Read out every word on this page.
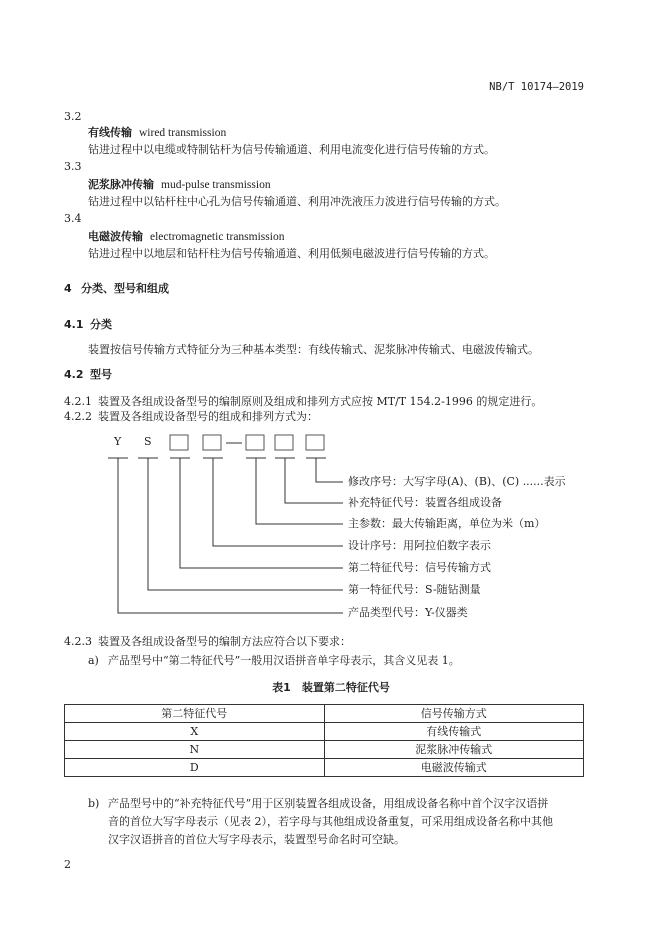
NB/T 10174—2019
3.2
有线传输 wired transmission
钻进过程中以电缆或特制钻杆为信号传输通道、利用电流变化进行信号传输的方式。
3.3
泥浆脉冲传输 mud-pulse transmission
钻进过程中以钻杆柱中心孔为信号传输通道、利用冲洗液压力波进行信号传输的方式。
3.4
电磁波传输 electromagnetic transmission
钻进过程中以地层和钻杆柱为信号传输通道、利用低频电磁波进行信号传输的方式。
4 分类、型号和组成
4.1 分类
装置按信号传输方式特征分为三种基本类型：有线传输式、泥浆脉冲传输式、电磁波传输式。
4.2 型号
4.2.1 装置及各组成设备型号的编制原则及组成和排列方式应按 MT/T 154.2-1996 的规定进行。
4.2.2 装置及各组成设备型号的组成和排列方式为：
Y S
修改序号：大写字母(A)、(B)、(C) ......表示
补充特征代号：装置各组成设备
主参数：最大传输距离，单位为米（m）
设计序号：用阿拉伯数字表示
第二特征代号：信号传输方式
第一特征代号：S-随钻测量
产品类型代号：Y-仪器类
4.2.3 装置及各组成设备型号的编制方法应符合以下要求：
a) 产品型号中“第二特征代号”一般用汉语拼音单字母表示，其含义见表 1。
表1　装置第二特征代号
第二特征代号	信号传输方式
X	有线传输式
N	泥浆脉冲传输式
D	电磁波传输式
b) 产品型号中的“补充特征代号”用于区别装置各组成设备，用组成设备名称中首个汉字汉语拼
音的首位大写字母表示（见表 2），若字母与其他组成设备重复，可采用组成设备名称中其他
汉字汉语拼音的首位大写字母表示，装置型号命名时可空缺。
2
